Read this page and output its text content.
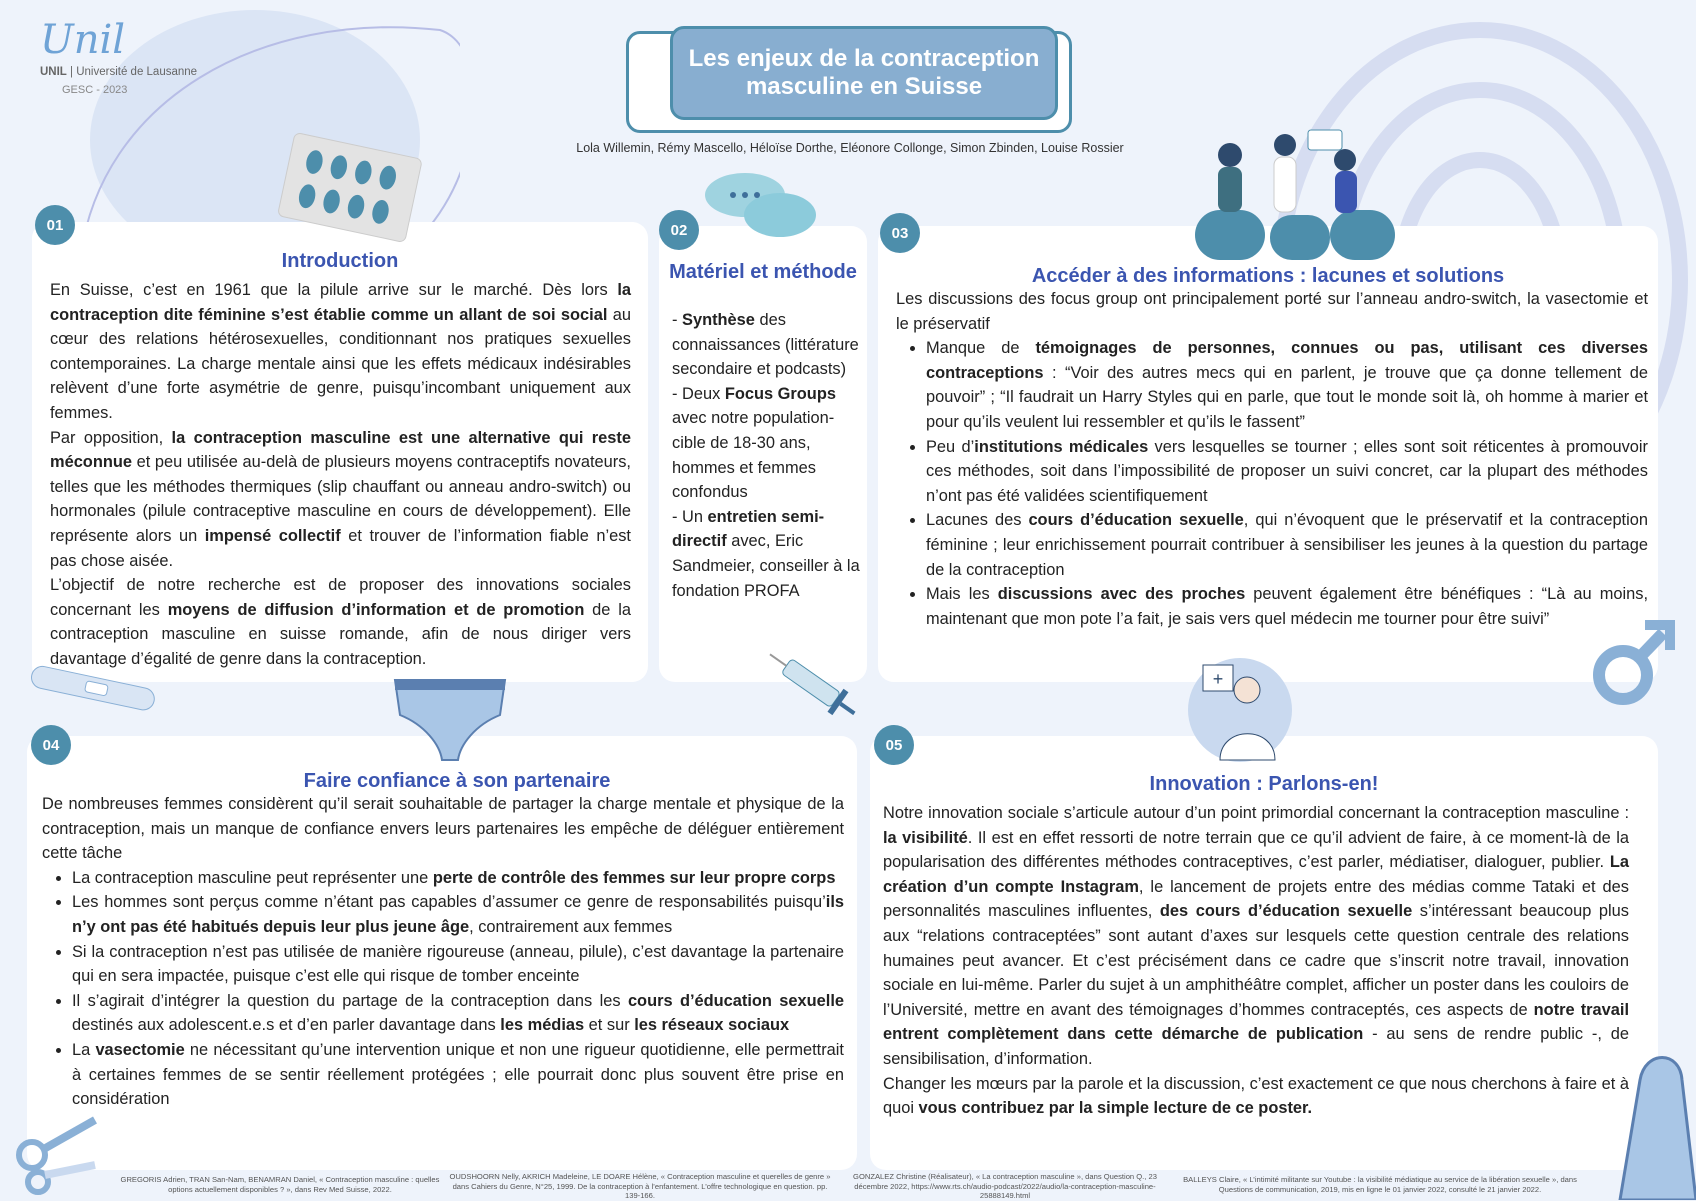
Unil
UNIL | Université de Lausanne
GESC - 2023
Les enjeux de la contraception
masculine en Suisse
Lola Willemin, Rémy Mascello, Héloïse Dorthe, Eléonore Collonge, Simon Zbinden, Louise Rossier
+
01	02	03
04	05
Introduction	Matériel et méthode	Accéder à des informations : lacunes et solutions
Faire confiance à son partenaire	Innovation : Parlons-en!

En Suisse, c’est en 1961 que la pilule arrive sur le marché. Dès lors la contraception dite féminine s’est établie comme un allant de soi social au cœur des relations hétérosexuelles, conditionnant nos pratiques sexuelles contemporaines. La charge mentale ainsi que les effets médicaux indésirables relèvent d’une forte asymétrie de genre, puisqu’incombant uniquement aux femmes.

Par opposition, la contraception masculine est une alternative qui reste méconnue et peu utilisée au-delà de plusieurs moyens contraceptifs novateurs, telles que les méthodes thermiques (slip chauffant ou anneau andro-switch) ou hormonales (pilule contraceptive masculine en cours de développement). Elle représente alors un impensé collectif et trouver de l’information fiable n’est pas chose aisée.

L’objectif de notre recherche est de proposer des innovations sociales concernant les moyens de diffusion d’information et de promotion de la contraception masculine en suisse romande, afin de nous diriger vers davantage d’égalité de genre dans la contraception.

- Synthèse des connaissances (littérature secondaire et podcasts)

- Deux Focus Groups avec notre population-cible de 18-30 ans, hommes et femmes confondus

- Un entretien semi-directif avec, Eric Sandmeier, conseiller à la fondation PROFA

Les discussions des focus group ont principalement porté sur l’anneau andro-switch, la vasectomie et le préservatif

• Manque de témoignages de personnes, connues ou pas, utilisant ces diverses contraceptions : “Voir des autres mecs qui en parlent, je trouve que ça donne tellement de pouvoir” ; “Il faudrait un Harry Styles qui en parle, que tout le monde soit là, oh homme à marier et pour qu’ils veulent lui ressembler et qu’ils le fassent”
• Peu d’institutions médicales vers lesquelles se tourner ; elles sont soit réticentes à promouvoir ces méthodes, soit dans l’impossibilité de proposer un suivi concret, car la plupart des méthodes n’ont pas été validées scientifiquement
• Lacunes des cours d’éducation sexuelle, qui n’évoquent que le préservatif et la contraception féminine ; leur enrichissement pourrait contribuer à sensibiliser les jeunes à la question du partage de la contraception
• Mais les discussions avec des proches peuvent également être bénéfiques : “Là au moins, maintenant que mon pote l’a fait, je sais vers quel médecin me tourner pour être suivi”

De nombreuses femmes considèrent qu’il serait souhaitable de partager la charge mentale et physique de la contraception, mais un manque de confiance envers leurs partenaires les empêche de déléguer entièrement cette tâche

• La contraception masculine peut représenter une perte de contrôle des femmes sur leur propre corps
• Les hommes sont perçus comme n’étant pas capables d’assumer ce genre de responsabilités puisqu’ils n’y ont pas été habitués depuis leur plus jeune âge, contrairement aux femmes
• Si la contraception n’est pas utilisée de manière rigoureuse (anneau, pilule), c’est davantage la partenaire qui en sera impactée, puisque c’est elle qui risque de tomber enceinte
• Il s’agirait d’intégrer la question du partage de la contraception dans les cours d’éducation sexuelle destinés aux adolescent.e.s et d’en parler davantage dans les médias et sur les réseaux sociaux
• La vasectomie ne nécessitant qu’une intervention unique et non une rigueur quotidienne, elle permettrait à certaines femmes de se sentir réellement protégées ; elle pourrait donc plus souvent être prise en considération

Notre innovation sociale s’articule autour d’un point primordial concernant la contraception masculine : la visibilité. Il est en effet ressorti de notre terrain que ce qu’il advient de faire, à ce moment-là de la popularisation des différentes méthodes contraceptives, c’est parler, médiatiser, dialoguer, publier. La création d’un compte Instagram, le lancement de projets entre des médias comme Tataki et des personnalités masculines influentes, des cours d’éducation sexuelle s’intéressant beaucoup plus aux “relations contraceptées” sont autant d’axes sur lesquels cette question centrale des relations humaines peut avancer. Et c’est précisément dans ce cadre que s’inscrit notre travail, innovation sociale en lui-même. Parler du sujet à un amphithéâtre complet, afficher un poster dans les couloirs de l’Université, mettre en avant des témoignages d’hommes contraceptés, ces aspects de notre travail entrent complètement dans cette démarche de publication - au sens de rendre public -, de sensibilisation, d’information.

Changer les mœurs par la parole et la discussion, c’est exactement ce que nous cherchons à faire et à quoi vous contribuez par la simple lecture de ce poster.

GREGORIS Adrien, TRAN San-Nam, BENAMRAN Daniel, « Contraception masculine : quelles options actuellement disponibles ? », dans Rev Med Suisse, 2022.
OUDSHOORN Nelly, AKRICH Madeleine, LE DOARE Hélène, « Contraception masculine et querelles de genre » dans Cahiers du Genre, N°25, 1999. De la contraception à l’enfantement. L’offre technologique en question. pp. 139-166.
GONZALEZ Christine (Réalisateur), « La contraception masculine », dans Question Q., 23 décembre 2022, https://www.rts.ch/audio-podcast/2022/audio/la-contraception-masculine-25888149.html
BALLEYS Claire, « L’intimité militante sur Youtube : la visibilité médiatique au service de la libération sexuelle », dans Questions de communication, 2019, mis en ligne le 01 janvier 2022, consulté le 21 janvier 2022.
